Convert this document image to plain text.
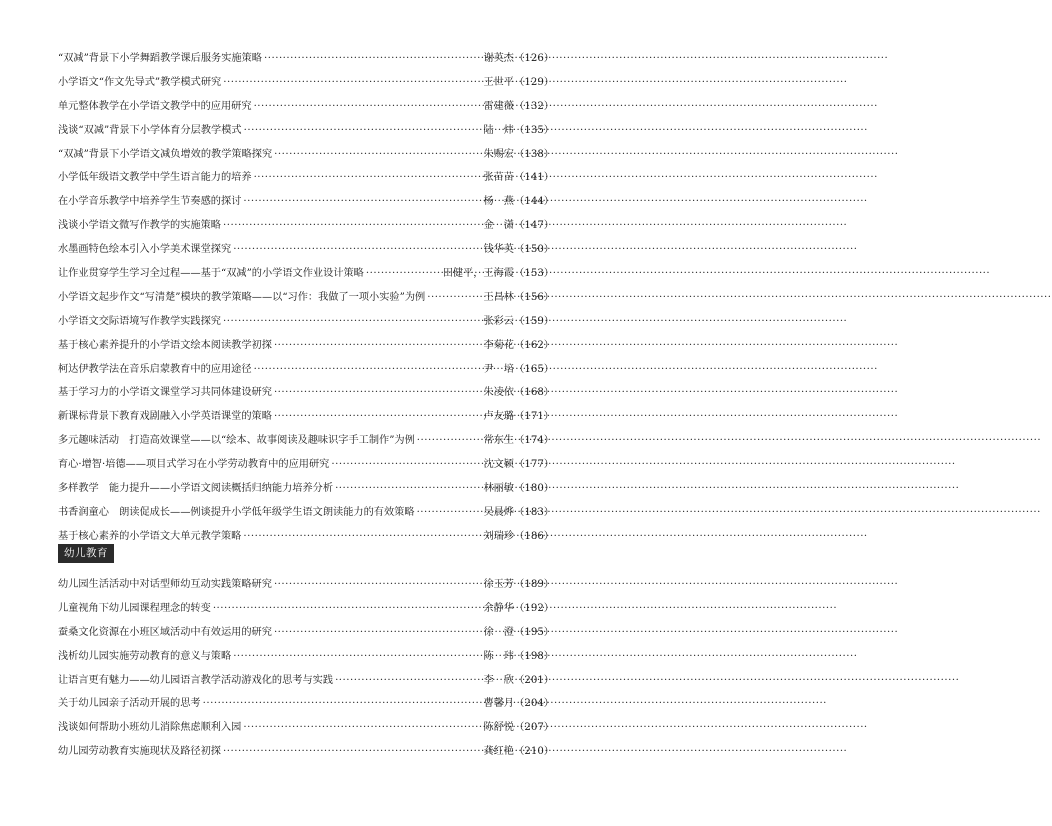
“双减”背景下小学舞蹈教学课后服务实施策略 ·····	谢英杰 （126）
小学语文“作文先导式”教学模式研究 ·····	王世平 （129）
单元整体教学在小学语文教学中的应用研究 ·····	雷建薇 （132）
浅谈“双减”背景下小学体育分层教学模式 ·····	陆　炜 （135）
“双减”背景下小学语文减负增效的教学策略探究 ·····	朱赐宏 （138）
小学低年级语文教学中学生语言能力的培养 ·····	张苗苗 （141）
在小学音乐教学中培养学生节奏感的探讨 ·····	杨　燕 （144）
浅谈小学语文微写作教学的实施策略 ·····	金　潇 （147）
水墨画特色绘本引入小学美术课堂探究 ·····	钱华英 （150）
让作业贯穿学生学习全过程——基于“双减”的小学语文作业设计策略 ·····	田健平，王海霞 （153）
小学语文起步作文“写清楚”模块的教学策略——以“习作：我做了一项小实验”为例 ·····	王昌林 （156）
小学语文交际语境写作教学实践探究 ·····	张彩云 （159）
基于核心素养提升的小学语文绘本阅读教学初探 ·····	李菊花 （162）
柯达伊教学法在音乐启蒙教育中的应用途径 ·····	尹　培 （165）
基于学习力的小学语文课堂学习共同体建设研究 ·····	朱凌依 （168）
新课标背景下教育戏剧融入小学英语课堂的策略 ·····	卢友璐 （171）
多元趣味活动　打造高效课堂——以“绘本、故事阅读及趣味识字手工制作”为例 ·····	常东生 （174）
育心·增智·培德——项目式学习在小学劳动教育中的应用研究 ·····	沈文颖 （177）
多样教学　能力提升——小学语文阅读概括归纳能力培养分析 ·····	林丽敏 （180）
书香润童心　朗读促成长——例谈提升小学低年级学生语文朗读能力的有效策略 ·····	吴晨烨 （183）
基于核心素养的小学语文大单元教学策略 ·····	刘瑞珍 （186）
幼儿教育
幼儿园生活活动中对话型师幼互动实践策略研究 ·····	徐玉芳 （189）
儿童视角下幼儿园课程理念的转变 ·····	余静华 （192）
蚕桑文化资源在小班区域活动中有效运用的研究 ·····	徐　澄 （195）
浅析幼儿园实施劳动教育的意义与策略 ·····	陈　玮 （198）
让语言更有魅力——幼儿园语言教学活动游戏化的思考与实践 ·····	李　欣 （201）
关于幼儿园亲子活动开展的思考 ·····	曹馨月 （204）
浅谈如何帮助小班幼儿消除焦虑顺利入园 ·····	陈舒悦 （207）
幼儿园劳动教育实施现状及路径初探 ·····	龚红艳 （210）
